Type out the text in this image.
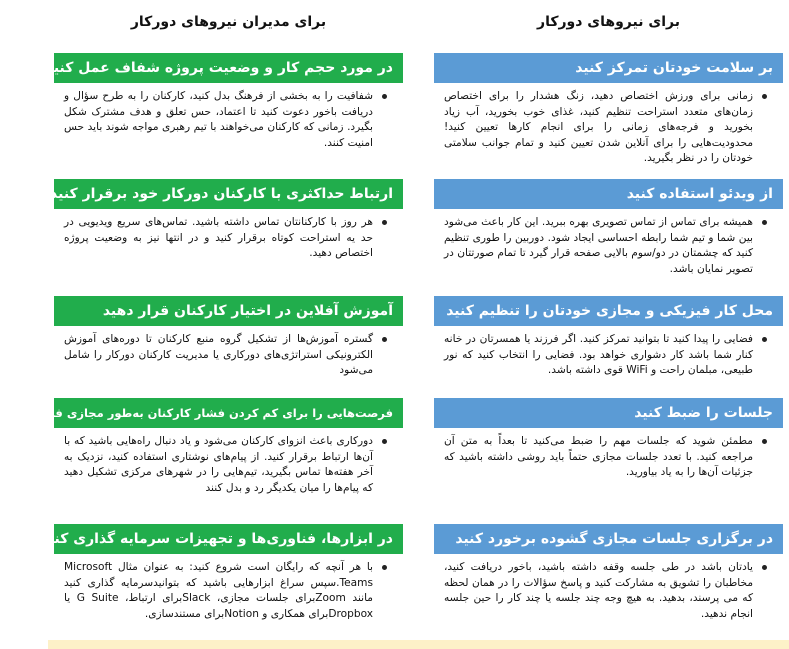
برای نیروهای دورکار
بر سلامت خودتان تمرکز کنید
زمانی برای ورزش اختصاص دهید، زنگ هشدار را برای اختصاص زمان‌های متعدد استراحت تنظیم کنید، غذای خوب بخورید، آب زیاد بخورید و فرجه‌های زمانی را برای انجام کارها تعیین کنید! محدودیت‌هایی را برای آنلاین شدن تعیین کنید و تمام جوانب سلامتی خودتان را در نظر بگیرید.
از ویدئو استفاده کنید
همیشه برای تماس از تماس تصویری بهره ببرید. این کار باعث می‌شود بین شما و تیم شما رابطه احساسی ایجاد شود. دوربین را طوری تنظیم کنید که چشمتان در دو/سوم بالایی صفحه قرار گیرد تا تمام صورتتان در تصویر نمایان باشد.
محل کار فیزیکی و مجازی خودتان را تنظیم کنید
فضایی را پیدا کنید تا بتوانید تمرکز کنید. اگر فرزند یا همسرتان در خانه کنار شما باشد کار دشواری خواهد بود. فضایی را انتخاب کنید که نور طبیعی، مبلمان راحت و WiFi قوی داشته باشد.
جلسات را ضبط کنید
مطمئن شوید که جلسات مهم را ضبط می‌کنید تا بعداً به متن آن مراجعه کنید. با تعدد جلسات مجازی حتماً باید روشی داشته باشید که جزئیات آن‌ها را به یاد بیاورید.
در برگزاری جلسات مجازی گشوده برخورد کنید
یادتان باشد در طی جلسه وقفه داشته باشید، باخور دریافت کنید، مخاطبان را تشویق به مشارکت کنید و پاسخ سؤالات را در همان لحظه که می پرسند، بدهید. به هیچ وجه چند جلسه یا چند کار را حین جلسه انجام ندهید.
برای مدیران نیروهای دورکار
در مورد حجم کار و وضعیت پروژه شفاف عمل کنید
شفافیت را به بخشی از فرهنگ بدل کنید، کارکنان را به طرح سؤال و دریافت باخور دعوت کنید تا اعتماد، حس تعلق و هدف مشترک شکل بگیرد. زمانی که کارکنان می‌خواهند با تیم رهبری مواجه شوند باید حس امنیت کنند.
ارتباط حداکثری با کارکنان دورکار خود برقرار کنید
هر روز با کارکنانتان تماس داشته باشید. تماس‌های سریع ویدیویی در حد یه استراحت کوتاه برقرار کنید و در انتها نیز به وضعیت پروژه اختصاص دهید.
آموزش آفلاین در اختیار کارکنان قرار دهید
گستره آموزش‌ها از تشکیل گروه منبع کارکنان تا دوره‌های آموزش الکترونیکی استراتژی‌های دورکاری یا مدیریت کارکنان دورکار را شامل می‌شود
فرصت‌هایی را برای کم کردن فشار کارکنان به‌طور مجازی فراهم کنید
دورکاری باعث انزوای کارکنان می‌شود و یاد دنبال راه‌هایی باشید که با آن‌ها ارتباط برقرار کنید. از پیام‌های نوشتاری استفاده کنید، نزدیک به آخر هفته‌ها تماس بگیرید، تیم‌هایی را در شهرهای مرکزی تشکیل دهید که پیام‌ها را میان یکدیگر رد و بدل کنند
در ابزارها، فناوری‌ها و تجهیزات سرمایه گذاری کنید
با هر آنچه که رایگان است شروع کنید: به عنوان مثال Microsoft Teams.سپس سراغ ابزارهایی باشید که بتوانیدسرمایه گذاری کنید مانند Zoomبرای جلسات مجازی، Slackبرای ارتباط، G Suite یا Dropboxبرای همکاری و Notionبرای مستندسازی.
